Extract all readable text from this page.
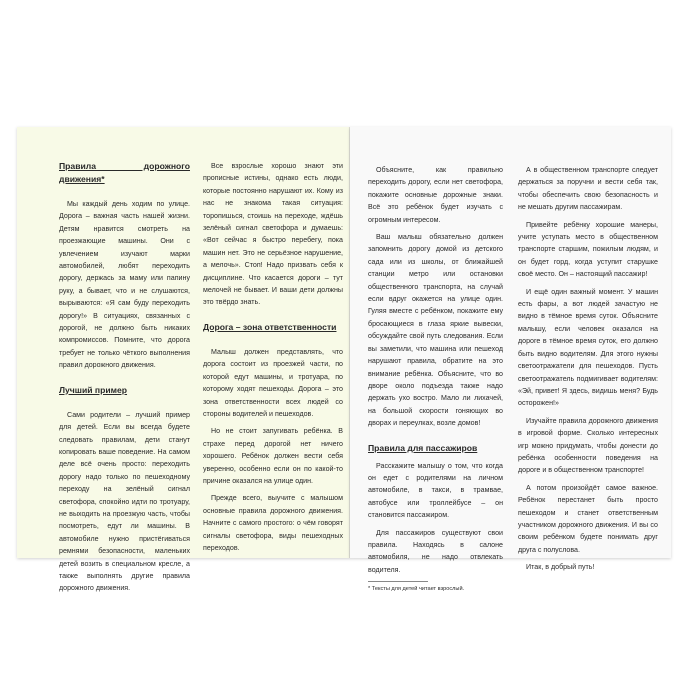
Правила дорожного движения*

Мы каждый день ходим по улице. Дорога – важная часть нашей жизни. Детям нравится смотреть на проезжающие машины. Они с увлечением изучают марки автомобилей, любят переходить дорогу, держась за маму или папину руку, а бывает, что и не слушаются, вырываются: «Я сам буду переходить дорогу!» В ситуациях, связанных с дорогой, не должно быть никаких компромиссов. Помните, что дорога требует не только чёткого выполнения правил дорожного движения.

Лучший пример

Сами родители – лучший пример для детей. Если вы всегда будете следовать правилам, дети станут копировать ваше поведение. На самом деле всё очень просто: переходить дорогу надо только по пешеходному переходу на зелёный сигнал светофора, спокойно идти по тротуару, не выходить на проезжую часть, чтобы посмотреть, едут ли машины. В автомобиле нужно пристёгиваться ремнями безопасности, маленьких детей возить в специальном кресле, а также выполнять другие правила дорожного движения.

Все взрослые хорошо знают эти прописные истины, однако есть люди, которые постоянно нарушают их. Кому из нас не знакома такая ситуация: торопишься, стоишь на переходе, ждёшь зелёный сигнал светофора и думаешь: «Вот сейчас я быстро перебегу, пока машин нет. Это не серьёзное нарушение, а мелочь». Стоп! Надо призвать себя к дисциплине. Что касается дороги – тут мелочей не бывает. И ваши дети должны это твёрдо знать.

Дорога – зона ответственности

Малыш должен представлять, что дорога состоит из проезжей части, по которой едут машины, и тротуара, по которому ходят пешеходы. Дорога – это зона ответственности всех людей со стороны водителей и пешеходов.

Но не стоит запугивать ребёнка. В страхе перед дорогой нет ничего хорошего. Ребёнок должен вести себя уверенно, особенно если он по какой-то причине оказался на улице один.

Прежде всего, выучите с малышом основные правила дорожного движения. Начните с самого простого: о чём говорят сигналы светофора, виды пешеходных переходов.

Объясните, как правильно переходить дорогу, если нет светофора, покажите основные дорожные знаки. Всё это ребёнок будет изучать с огромным интересом.

Ваш малыш обязательно должен запомнить дорогу домой из детского сада или из школы, от ближайшей станции метро или остановки общественного транспорта, на случай если вдруг окажется на улице один. Гуляя вместе с ребёнком, покажите ему бросающиеся в глаза яркие вывески, обсуждайте свой путь следования. Если вы заметили, что машина или пешеход нарушают правила, обратите на это внимание ребёнка. Объясните, что во дворе около подъезда также надо держать ухо востро. Мало ли лихачей, на большой скорости гоняющих во дворах и переулках, возле домов!

Правила для пассажиров

Расскажите малышу о том, что когда он едет с родителями на личном автомобиле, в такси, в трамвае, автобусе или троллейбусе – он становится пассажиром.

Для пассажиров существуют свои правила. Находясь в салоне автомобиля, не надо отвлекать водителя.

* Тексты для детей читает взрослый.

А в общественном транспорте следует держаться за поручни и вести себя так, чтобы обеспечить свою безопасность и не мешать другим пассажирам.

Привейте ребёнку хорошие манеры, учите уступать место в общественном транспорте старшим, пожилым людям, и он будет горд, когда уступит старушке своё место. Он – настоящий пассажир!

И ещё один важный момент. У машин есть фары, а вот людей зачастую не видно в тёмное время суток. Объясните малышу, если человек оказался на дороге в тёмное время суток, его должно быть видно водителям. Для этого нужны светоотражатели для пешеходов. Пусть светоотражатель подмигивает водителям: «Эй, привет! Я здесь, видишь меня? Будь осторожен!»

Изучайте правила дорожного движения в игровой форме. Сколько интересных игр можно придумать, чтобы донести до ребёнка особенности поведения на дороге и в общественном транспорте!

А потом произойдёт самое важное. Ребёнок перестанет быть просто пешеходом и станет ответственным участником дорожного движения. И вы со своим ребёнком будете понимать друг друга с полуслова.

Итак, в добрый путь!
